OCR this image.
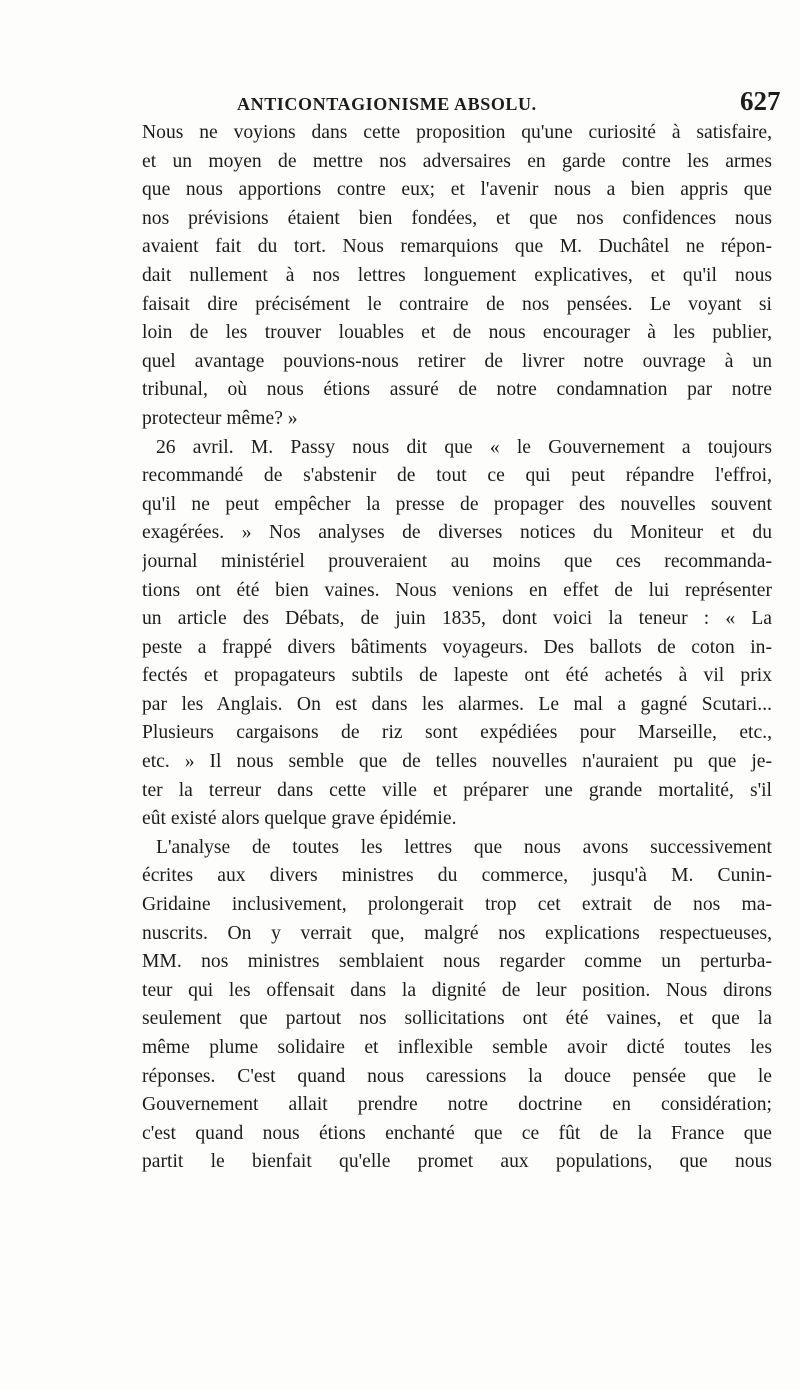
ANTICONTAGIONISME ABSOLU.	627
Nous ne voyions dans cette proposition qu'une curiosité à satisfaire,
et un moyen de mettre nos adversaires en garde contre les armes
que nous apportions contre eux; et l'avenir nous a bien appris que
nos prévisions étaient bien fondées, et que nos confidences nous
avaient fait du tort. Nous remarquions que M. Duchâtel ne répon-
dait nullement à nos lettres longuement explicatives, et qu'il nous
faisait dire précisément le contraire de nos pensées. Le voyant si
loin de les trouver louables et de nous encourager à les publier,
quel avantage pouvions-nous retirer de livrer notre ouvrage à un
tribunal, où nous étions assuré de notre condamnation par notre
protecteur même? »
26 avril. M. Passy nous dit que « le Gouvernement a toujours
recommandé de s'abstenir de tout ce qui peut répandre l'effroi,
qu'il ne peut empêcher la presse de propager des nouvelles souvent
exagérées. » Nos analyses de diverses notices du Moniteur et du
journal ministériel prouveraient au moins que ces recommanda-
tions ont été bien vaines. Nous venions en effet de lui représenter
un article des Débats, de juin 1835, dont voici la teneur : « La
peste a frappé divers bâtiments voyageurs. Des ballots de coton in-
fectés et propagateurs subtils de lapeste ont été achetés à vil prix
par les Anglais. On est dans les alarmes. Le mal a gagné Scutari...
Plusieurs cargaisons de riz sont expédiées pour Marseille, etc.,
etc. » Il nous semble que de telles nouvelles n'auraient pu que je-
ter la terreur dans cette ville et préparer une grande mortalité, s'il
eût existé alors quelque grave épidémie.
L'analyse de toutes les lettres que nous avons successivement
écrites aux divers ministres du commerce, jusqu'à M. Cunin-
Gridaine inclusivement, prolongerait trop cet extrait de nos ma-
nuscrits. On y verrait que, malgré nos explications respectueuses,
MM. nos ministres semblaient nous regarder comme un perturba-
teur qui les offensait dans la dignité de leur position. Nous dirons
seulement que partout nos sollicitations ont été vaines, et que la
même plume solidaire et inflexible semble avoir dicté toutes les
réponses. C'est quand nous caressions la douce pensée que le
Gouvernement allait prendre notre doctrine en considération;
c'est quand nous étions enchanté que ce fût de la France que
partit le bienfait qu'elle promet aux populations, que nous
